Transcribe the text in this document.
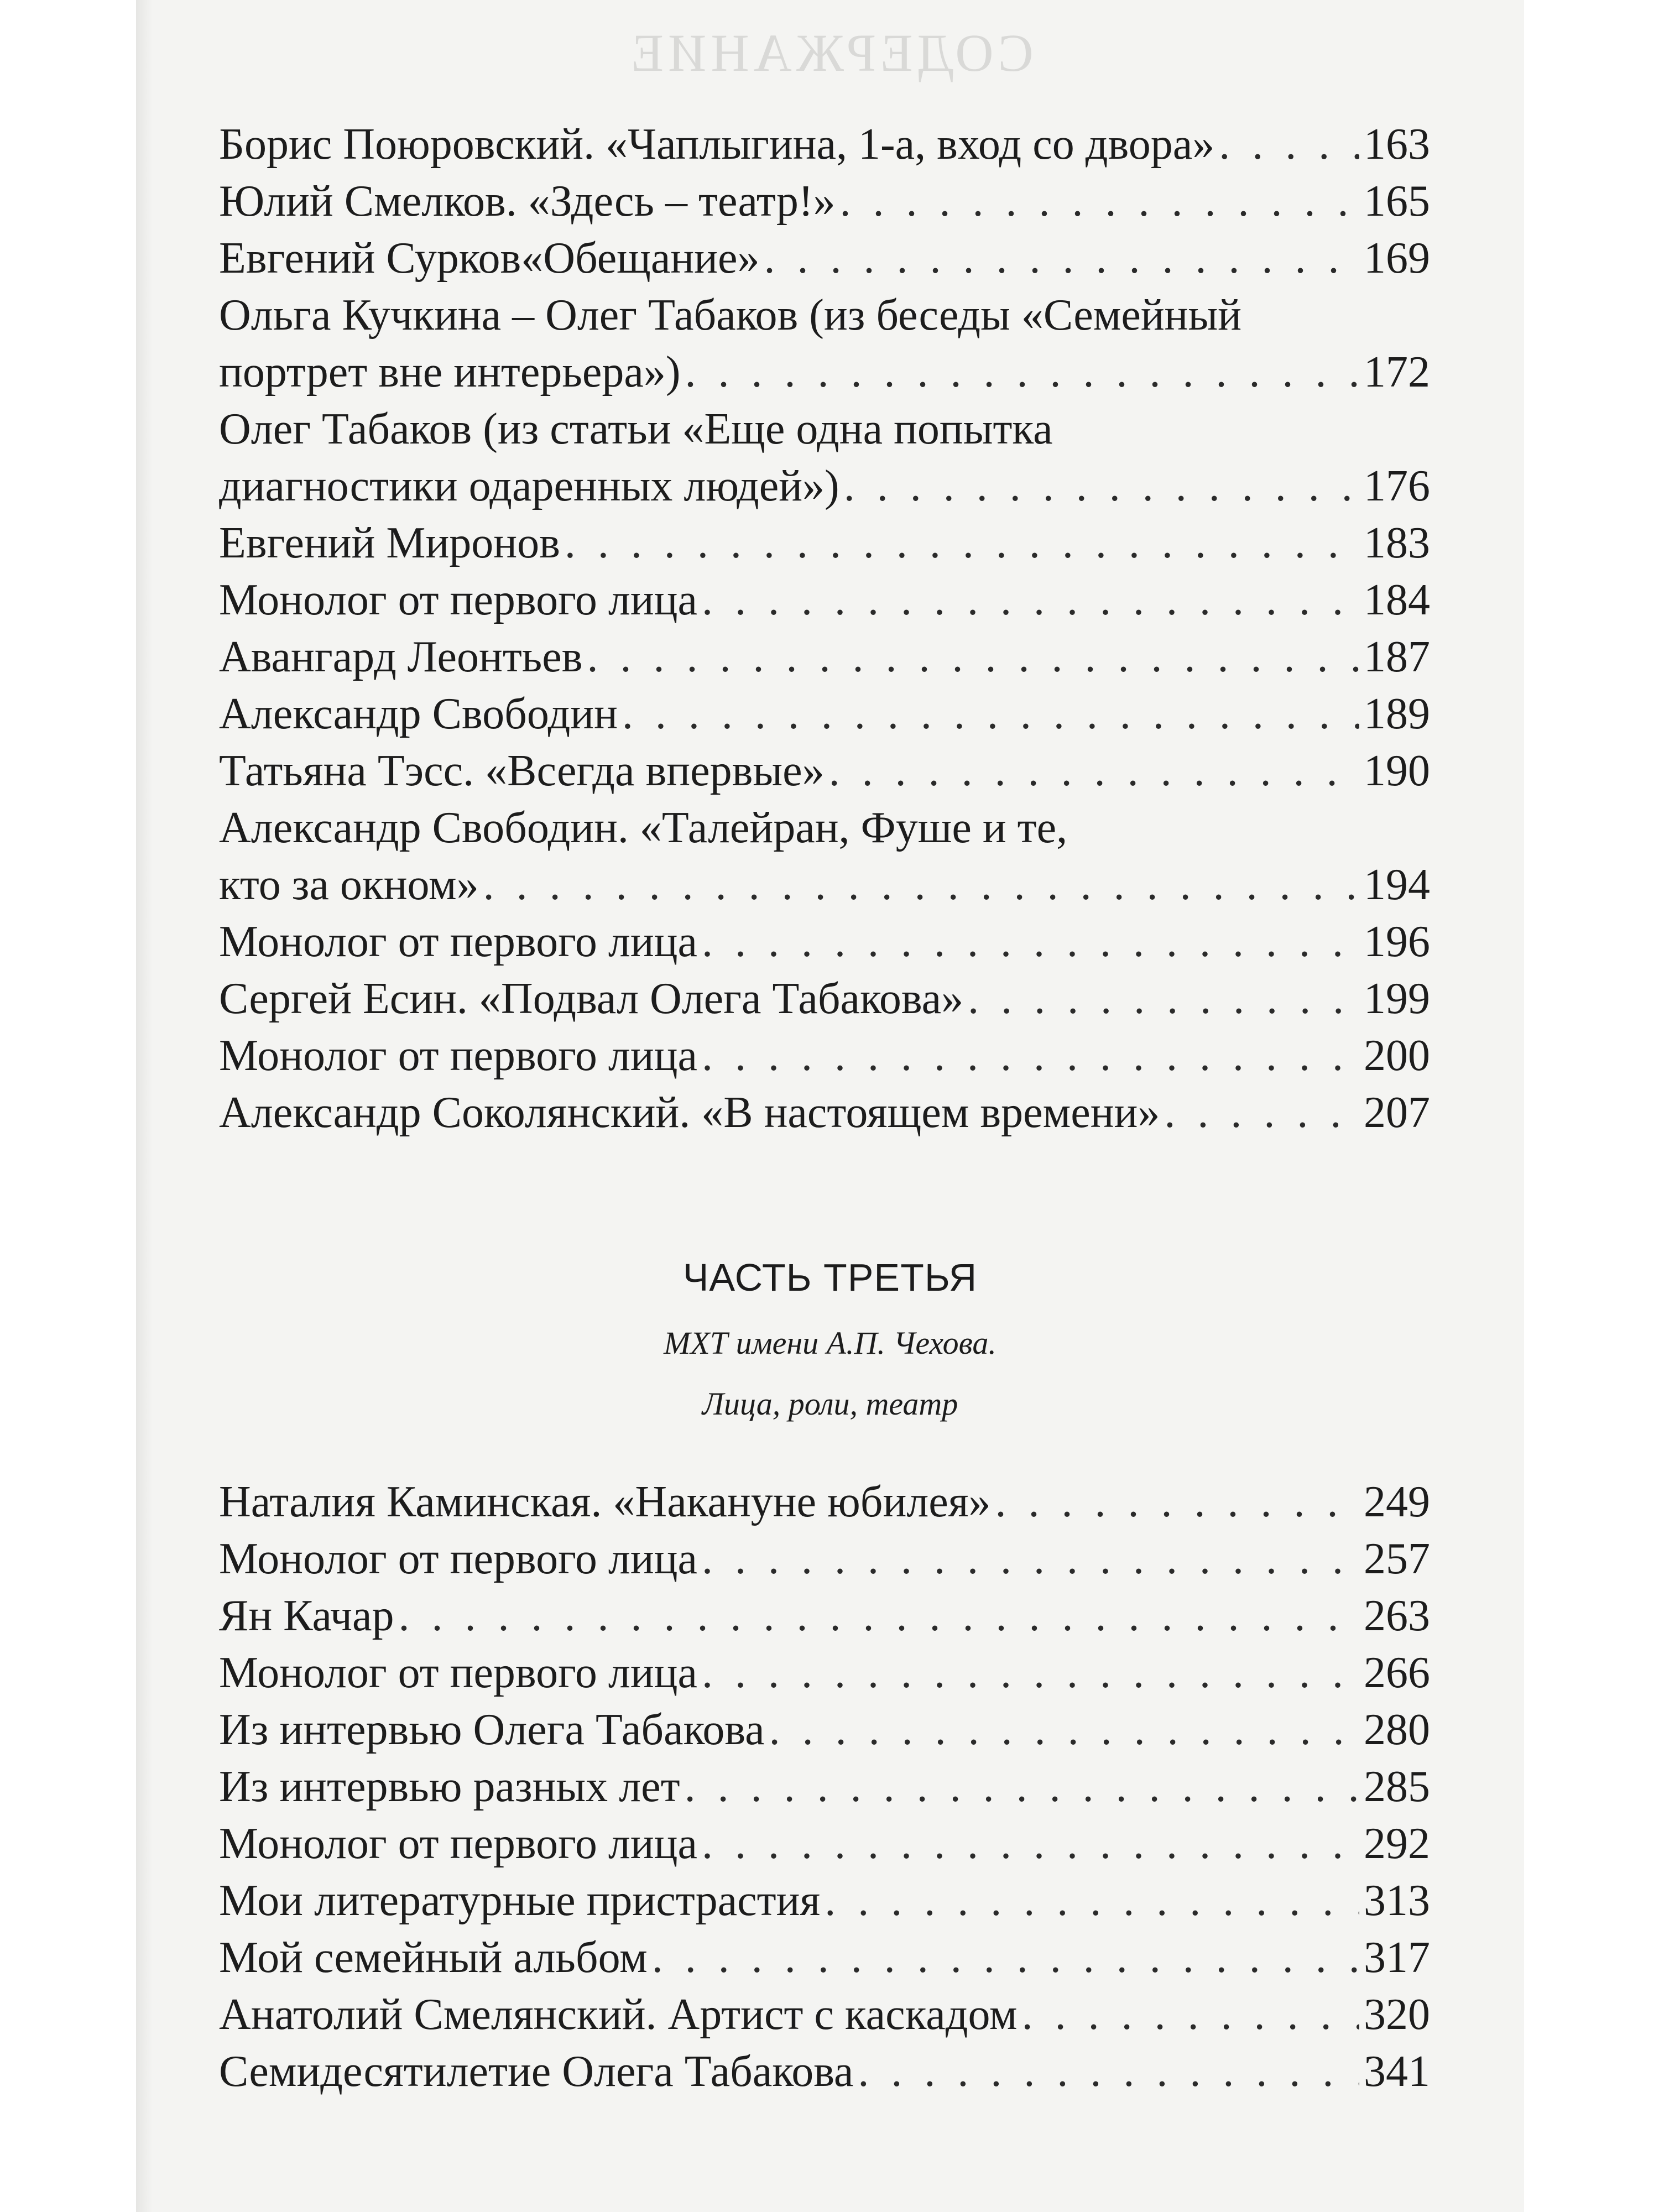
СОДЕРЖАНИЕ
Борис Поюровский. «Чаплыгина, 1-а, вход со двора» . . .	163
Юлий Смелков. «Здесь – театр!» . . .	165
Евгений Сурков«Обещание» . . .	169
Ольга Кучкина – Олег Табаков (из беседы «Семейный
портрет вне интерьера») . . .	172
Олег Табаков (из статьи «Еще одна попытка
диагностики одаренных людей») . . .	176
Евгений Миронов . . .	183
Монолог от первого лица . . .	184
Авангард Леонтьев . . .	187
Александр Свободин . . .	189
Татьяна Тэсс. «Всегда впервые» . . .	190
Александр Свободин. «Талейран, Фуше и те,
кто за окном» . . .	194
Монолог от первого лица . . .	196
Сергей Есин. «Подвал Олега Табакова» . . .	199
Монолог от первого лица . . .	200
Александр Соколянский. «В настоящем времени» . . .	207
ЧАСТЬ ТРЕТЬЯ
МХТ имени А.П. Чехова.
Лица, роли, театр
Наталия Каминская. «Накануне юбилея» . . .	249
Монолог от первого лица . . .	257
Ян Качар . . .	263
Монолог от первого лица . . .	266
Из интервью Олега Табакова . . .	280
Из интервью разных лет . . .	285
Монолог от первого лица . . .	292
Мои литературные пристрастия . . .	313
Мой семейный альбом . . .	317
Анатолий Смелянский. Артист с каскадом . . .	320
Семидесятилетие Олега Табакова . . .	341
